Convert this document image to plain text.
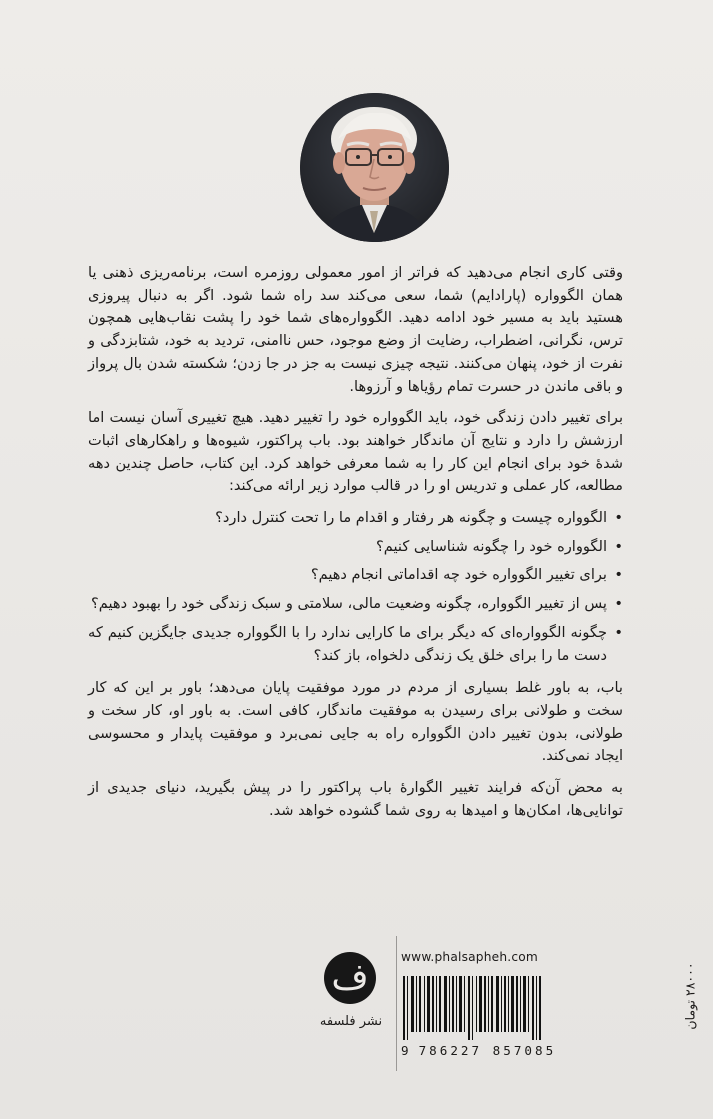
وقتی کاری انجام می‌دهید که فراتر از امور معمولی روزمره است، برنامه‌ریزی ذهنی یا همان الگوواره (پارادایم) شما، سعی می‌کند سد راه شما شود. اگر به دنبال پیروزی هستید باید به مسیر خود ادامه دهید. الگوواره‌های شما خود را پشت نقاب‌هایی همچون ترس، نگرانی، اضطراب، رضایت از وضع موجود، حس ناامنی، تردید به خود، شتابزدگی و نفرت از خود، پنهان می‌کنند. نتیجه چیزی نیست به جز در جا زدن؛ شکسته شدن بال پرواز و باقی ماندن در حسرت تمام رؤیاها و آرزوها.

برای تغییر دادن زندگی خود، باید الگوواره خود را تغییر دهید. هیچ تغییری آسان نیست اما ارزشش را دارد و نتایج آن ماندگار خواهند بود. باب پراکتور، شیوه‌ها و راهکارهای اثبات شدهٔ خود برای انجام این کار را به شما معرفی خواهد کرد. این کتاب، حاصل چندین دهه مطالعه، کار عملی و تدریس او را در قالب موارد زیر ارائه می‌کند:

• الگوواره چیست و چگونه هر رفتار و اقدام ما را تحت کنترل دارد؟
• الگوواره خود را چگونه شناسایی کنیم؟
• برای تغییر الگوواره خود چه اقداماتی انجام دهیم؟
• پس از تغییر الگوواره، چگونه وضعیت مالی، سلامتی و سبک زندگی خود را بهبود دهیم؟
• چگونه الگوواره‌ای که دیگر برای ما کارایی ندارد را با الگوواره جدیدی جایگزین کنیم که دست ما را برای خلق یک زندگی دلخواه، باز کند؟

باب، به باور غلط بسیاری از مردم در مورد موفقیت پایان می‌دهد؛ باور بر این که کار سخت و طولانی برای رسیدن به موفقیت ماندگار، کافی است. به باور او، کار سخت و طولانی، بدون تغییر دادن الگوواره راه به جایی نمی‌برد و موفقیت پایدار و محسوسی ایجاد نمی‌کند.

به محض آن‌که فرایند تغییر الگوارهٔ باب پراکتور را در پیش بگیرید، دنیای جدیدی از توانایی‌ها، امکان‌ها و امیدها به روی شما گشوده خواهد شد.

ف
نشر فلسفه
www.phalsapheh.com
9 786227 857085
۲۸۰۰۰ تومان
